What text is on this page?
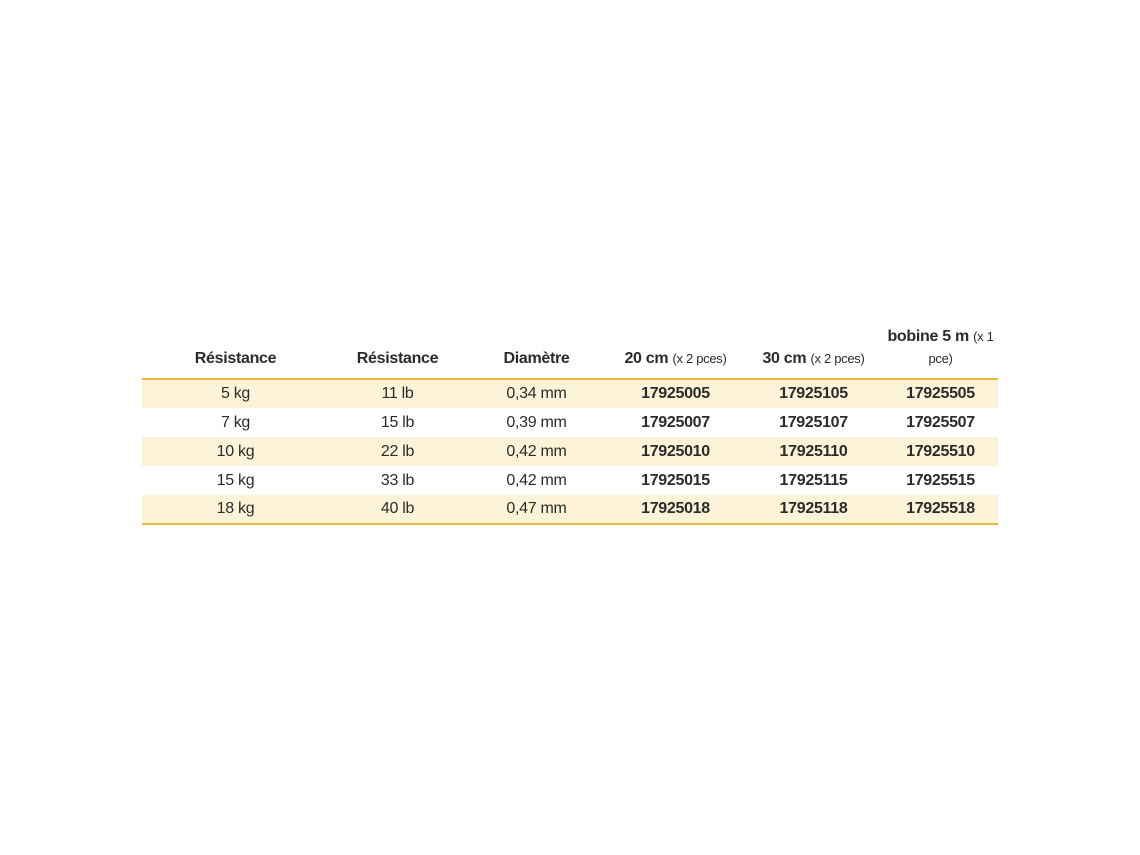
Résistance	Résistance	Diamètre	20 cm (x 2 pces)	30 cm (x 2 pces)	bobine 5 m (x 1 pce)
5 kg	11 lb	0,34 mm	17925005	17925105	17925505
7 kg	15 lb	0,39 mm	17925007	17925107	17925507
10 kg	22 lb	0,42 mm	17925010	17925110	17925510
15 kg	33 lb	0,42 mm	17925015	17925115	17925515
18 kg	40 lb	0,47 mm	17925018	17925118	17925518
